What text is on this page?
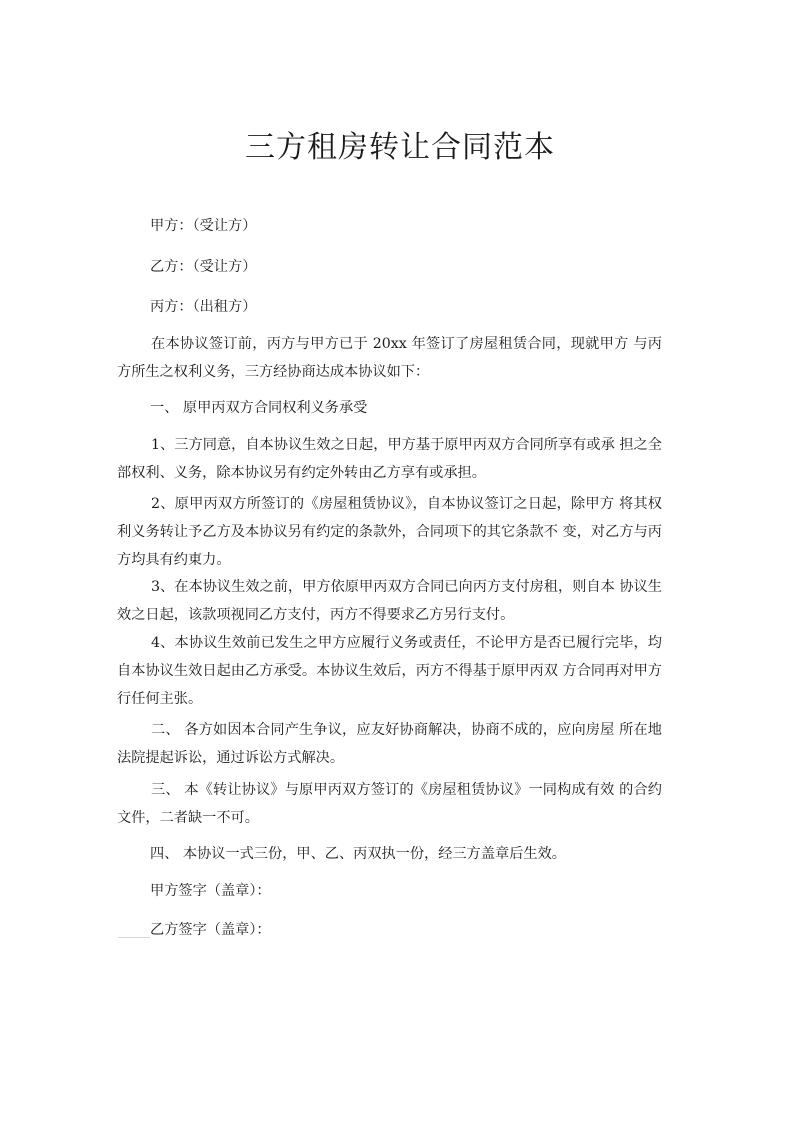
三方租房转让合同范本

甲方：（受让方）

乙方：（受让方）

丙方：（出租方）

在本协议签订前，丙方与甲方已于 20xx 年签订了房屋租赁合同，现就甲方 与丙方所生之权利义务，三方经协商达成本协议如下：

一、 原甲丙双方合同权利义务承受

1、三方同意，自本协议生效之日起，甲方基于原甲丙双方合同所享有或承 担之全部权利、义务，除本协议另有约定外转由乙方享有或承担。

2、原甲丙双方所签订的《房屋租赁协议》，自本协议签订之日起，除甲方 将其权利义务转让予乙方及本协议另有约定的条款外，合同项下的其它条款不 变，对乙方与丙方均具有约東力。

3、在本协议生效之前，甲方依原甲丙双方合同已向丙方支付房租，则自本 协议生效之日起，该款项视同乙方支付，丙方不得要求乙方另行支付。

4、本协议生效前已发生之甲方应履行义务或责任，不论甲方是否已履行完毕，均自本协议生效日起由乙方承受。本协议生效后，丙方不得基于原甲丙双 方合同再对甲方行任何主张。

二、 各方如因本合同产生争议，应友好协商解决，协商不成的，应向房屋 所在地法院提起诉讼，通过诉讼方式解决。

三、 本《转让协议》与原甲丙双方签订的《房屋租赁协议》一同构成有效 的合约文件，二者缺一不可。

四、 本协议一式三份，甲、乙、丙双执一份，经三方盖章后生效。

甲方签字（盖章）：

乙方签字（盖章）：
